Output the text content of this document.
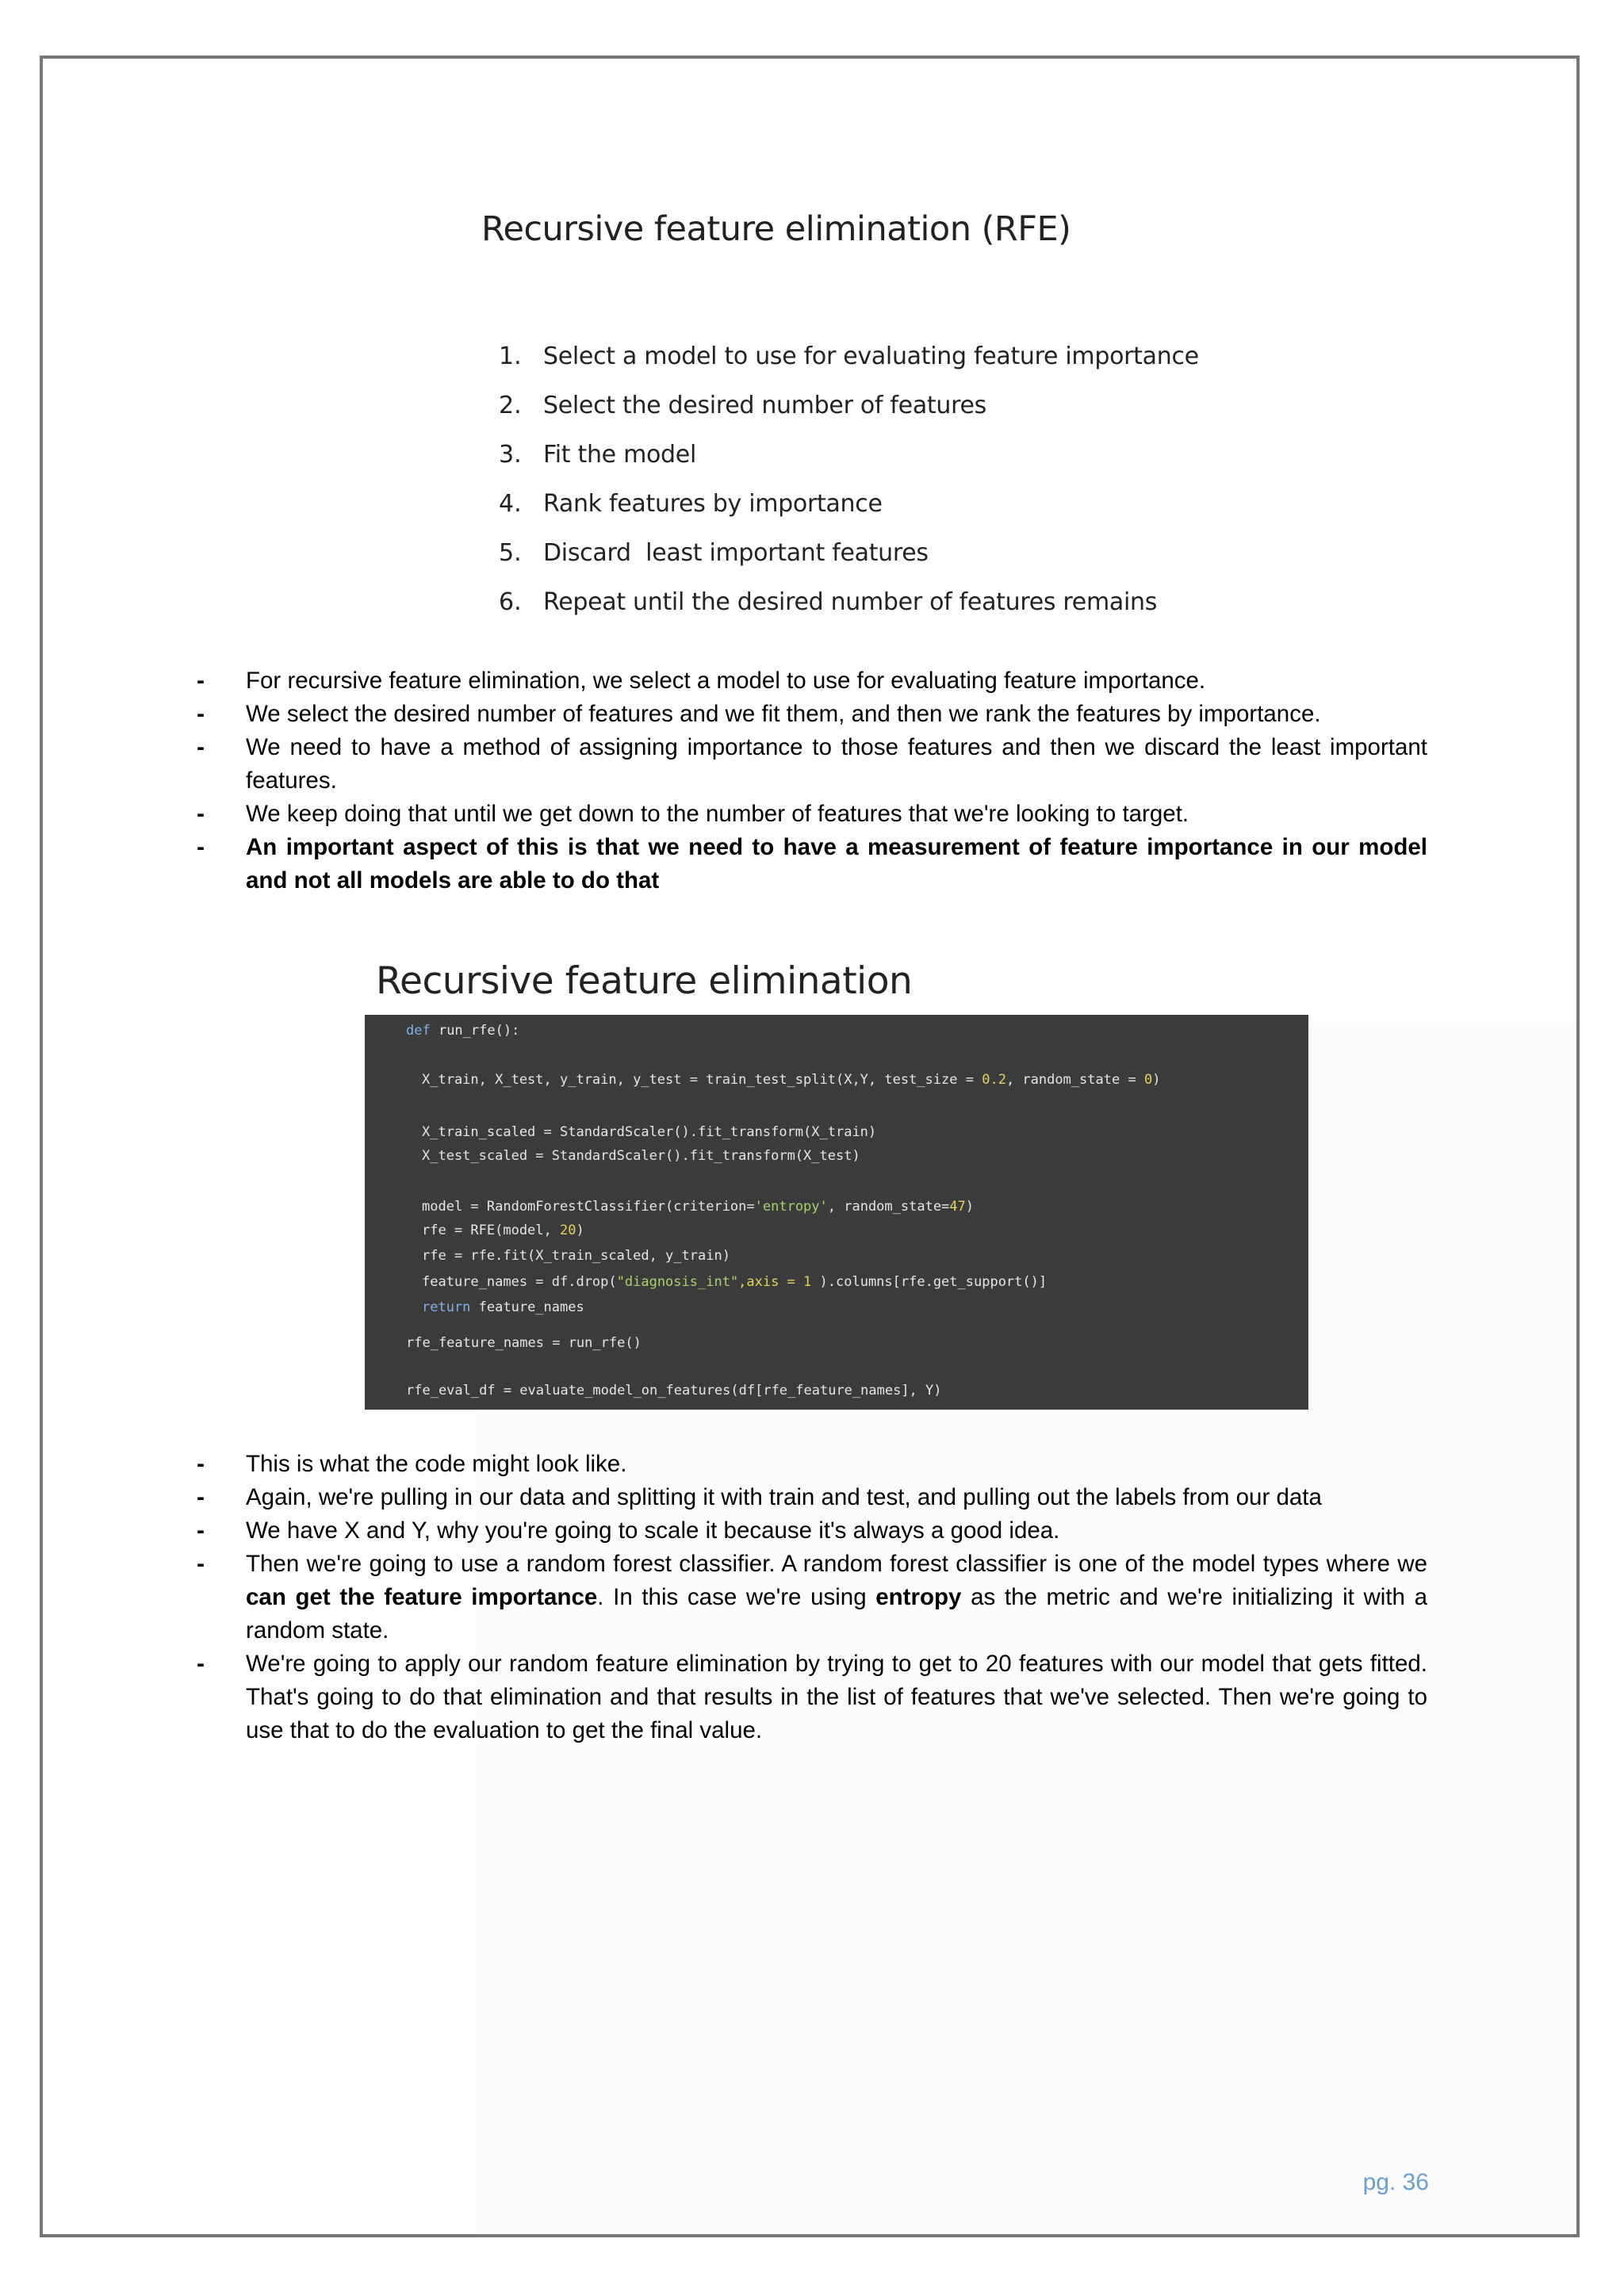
Recursive feature elimination (RFE)
1. Select a model to use for evaluating feature importance
2. Select the desired number of features
3. Fit the model
4. Rank features by importance
5. Discard  least important features
6. Repeat until the desired number of features remains
- For recursive feature elimination, we select a model to use for evaluating feature importance.
- We select the desired number of features and we fit them, and then we rank the features by importance.
- We need to have a method of assigning importance to those features and then we discard the least important features.
- We keep doing that until we get down to the number of features that we're looking to target.
- An important aspect of this is that we need to have a measurement of feature importance in our model and not all models are able to do that
Recursive feature elimination
def run_rfe():
X_train, X_test, y_train, y_test = train_test_split(X,Y, test_size = 0.2, random_state = 0)
X_train_scaled = StandardScaler().fit_transform(X_train)
X_test_scaled = StandardScaler().fit_transform(X_test)
model = RandomForestClassifier(criterion='entropy', random_state=47)
rfe = RFE(model, 20)
rfe = rfe.fit(X_train_scaled, y_train)
feature_names = df.drop("diagnosis_int",axis = 1 ).columns[rfe.get_support()]
return feature_names
rfe_feature_names = run_rfe()
rfe_eval_df = evaluate_model_on_features(df[rfe_feature_names], Y)
- This is what the code might look like.
- Again, we're pulling in our data and splitting it with train and test, and pulling out the labels from our data
- We have X and Y, why you're going to scale it because it's always a good idea.
- Then we're going to use a random forest classifier. A random forest classifier is one of the model types where we can get the feature importance. In this case we're using entropy as the metric and we're initializing it with a random state.
- We're going to apply our random feature elimination by trying to get to 20 features with our model that gets fitted. That's going to do that elimination and that results in the list of features that we've selected. Then we're going to use that to do the evaluation to get the final value.
pg. 36
